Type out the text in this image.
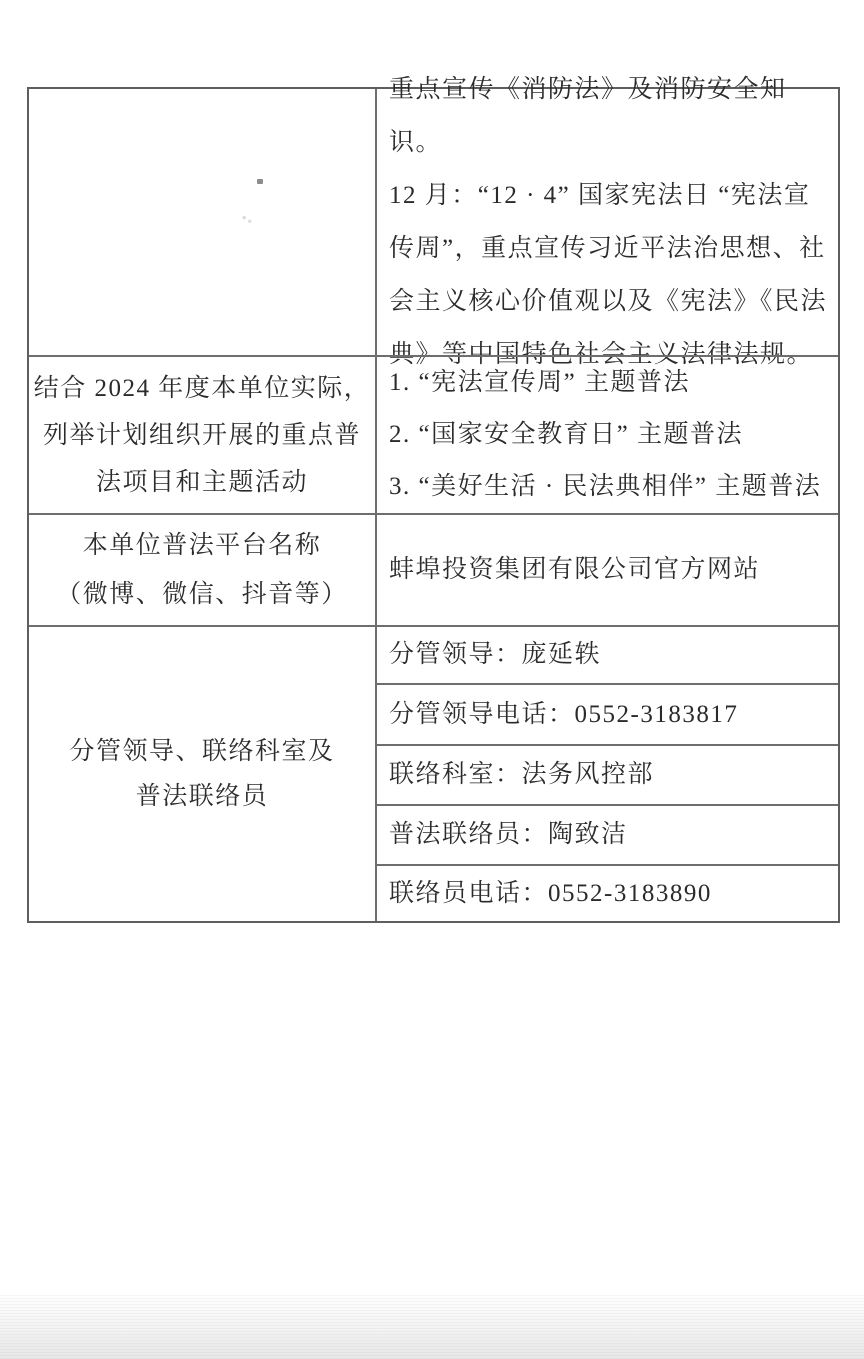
重点宣传《消防法》及消防安全知识。
12 月：“12 · 4” 国家宪法日 “宪法宣
传周”，重点宣传习近平法治思想、社
会主义核心价值观以及《宪法》《民法
典》等中国特色社会主义法律法规。
结合 2024 年度本单位实际，
列举计划组织开展的重点普
法项目和主题活动
1. “宪法宣传周” 主题普法
2. “国家安全教育日” 主题普法
3. “美好生活 · 民法典相伴” 主题普法
本单位普法平台名称
（微博、微信、抖音等）
蚌埠投资集团有限公司官方网站
分管领导、联络科室及
普法联络员
分管领导：庞延轶
分管领导电话：0552-3183817
联络科室：法务风控部
普法联络员：陶致洁
联络员电话：0552-3183890
